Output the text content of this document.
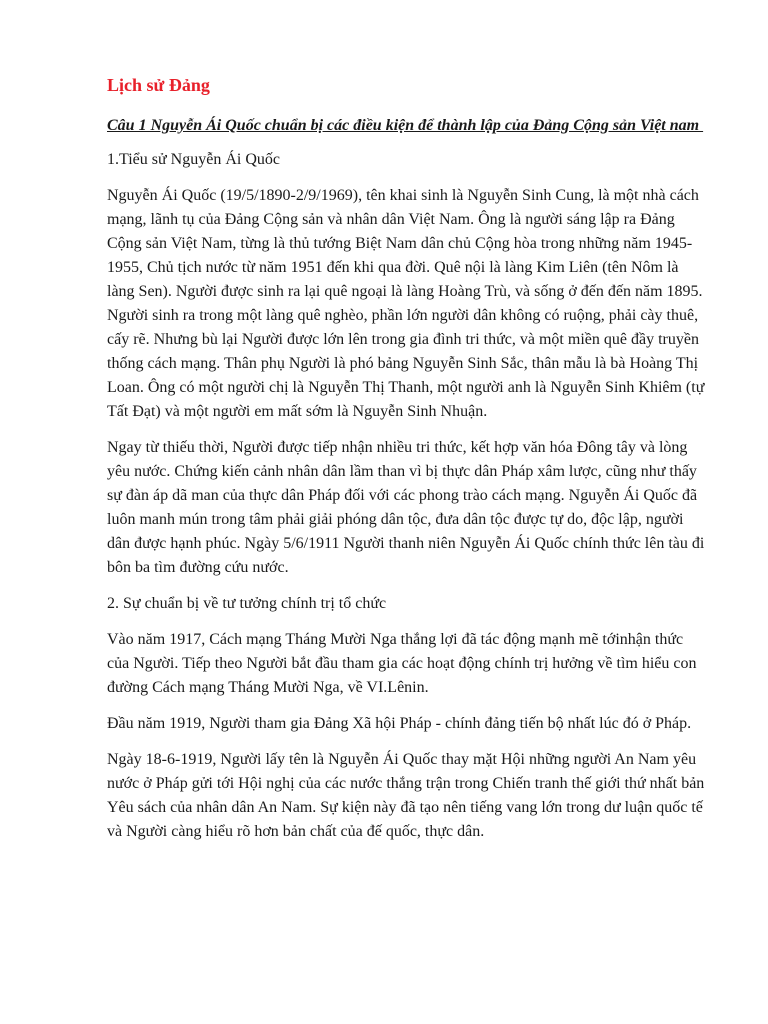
Lịch sử Đảng
Câu 1 Nguyễn Ái Quốc chuẩn bị các điều kiện để thành lập của Đảng Cộng sản Việt nam
1.Tiểu sử Nguyễn Ái Quốc
Nguyễn Ái Quốc (19/5/1890-2/9/1969), tên khai sinh là Nguyễn Sinh Cung, là một nhà cách mạng, lãnh tụ của Đảng Cộng sản và nhân dân Việt Nam. Ông là người sáng lập ra Đảng Cộng sản Việt Nam, từng là thủ tướng Biệt Nam dân chủ Cộng hòa trong những năm 1945-1955, Chủ tịch nước từ năm 1951 đến khi qua đời. Quê nội là làng Kim Liên (tên Nôm là làng Sen). Người được sinh ra lại quê ngoại là làng Hoàng Trù, và sống ở đến đến năm 1895. Người sinh ra trong một làng quê nghèo, phần lớn người dân không có ruộng, phải cày thuê, cấy rẽ. Nhưng bù lại Người được lớn lên trong gia đình tri thức, và một miền quê đầy truyền thống cách mạng. Thân phụ Người là phó bảng Nguyễn Sinh Sắc, thân mẫu là bà Hoàng Thị Loan. Ông có một người chị là Nguyễn Thị Thanh, một người anh là Nguyễn Sinh Khiêm (tự Tất Đạt) và một người em mất sớm là Nguyễn Sinh Nhuận.
Ngay từ thiếu thời, Người được tiếp nhận nhiều tri thức, kết hợp văn hóa Đông tây và lòng yêu nước. Chứng kiến cảnh nhân dân lầm than vì bị thực dân Pháp xâm lược, cũng như thấy sự đàn áp dã man của thực dân Pháp đối với các phong trào cách mạng. Nguyễn Ái Quốc đã luôn manh mún trong tâm phải giải phóng dân tộc, đưa dân tộc được tự do, độc lập, người dân được hạnh phúc. Ngày 5/6/1911 Người thanh niên Nguyễn Ái Quốc chính thức lên tàu đi bôn ba tìm đường cứu nước.
2. Sự chuẩn bị về tư tưởng chính trị tổ chức
Vào năm 1917, Cách mạng Tháng Mười Nga thắng lợi đã tác động mạnh mẽ tớinhận thức của Người. Tiếp theo Người bắt đầu tham gia các hoạt động chính trị hưởng về tìm hiểu con đường Cách mạng Tháng Mười Nga, về VI.Lênin.
Đầu năm 1919, Người tham gia Đảng Xã hội Pháp - chính đảng tiến bộ nhất lúc đó ở Pháp.
Ngày 18-6-1919, Người lấy tên là Nguyễn Ái Quốc thay mặt Hội những người An Nam yêu nước ở Pháp gửi tới Hội nghị của các nước thắng trận trong Chiến tranh thế giới thứ nhất bản Yêu sách của nhân dân An Nam. Sự kiện này đã tạo nên tiếng vang lớn trong dư luận quốc tế và Người càng hiểu rõ hơn bản chất của đế quốc, thực dân.
